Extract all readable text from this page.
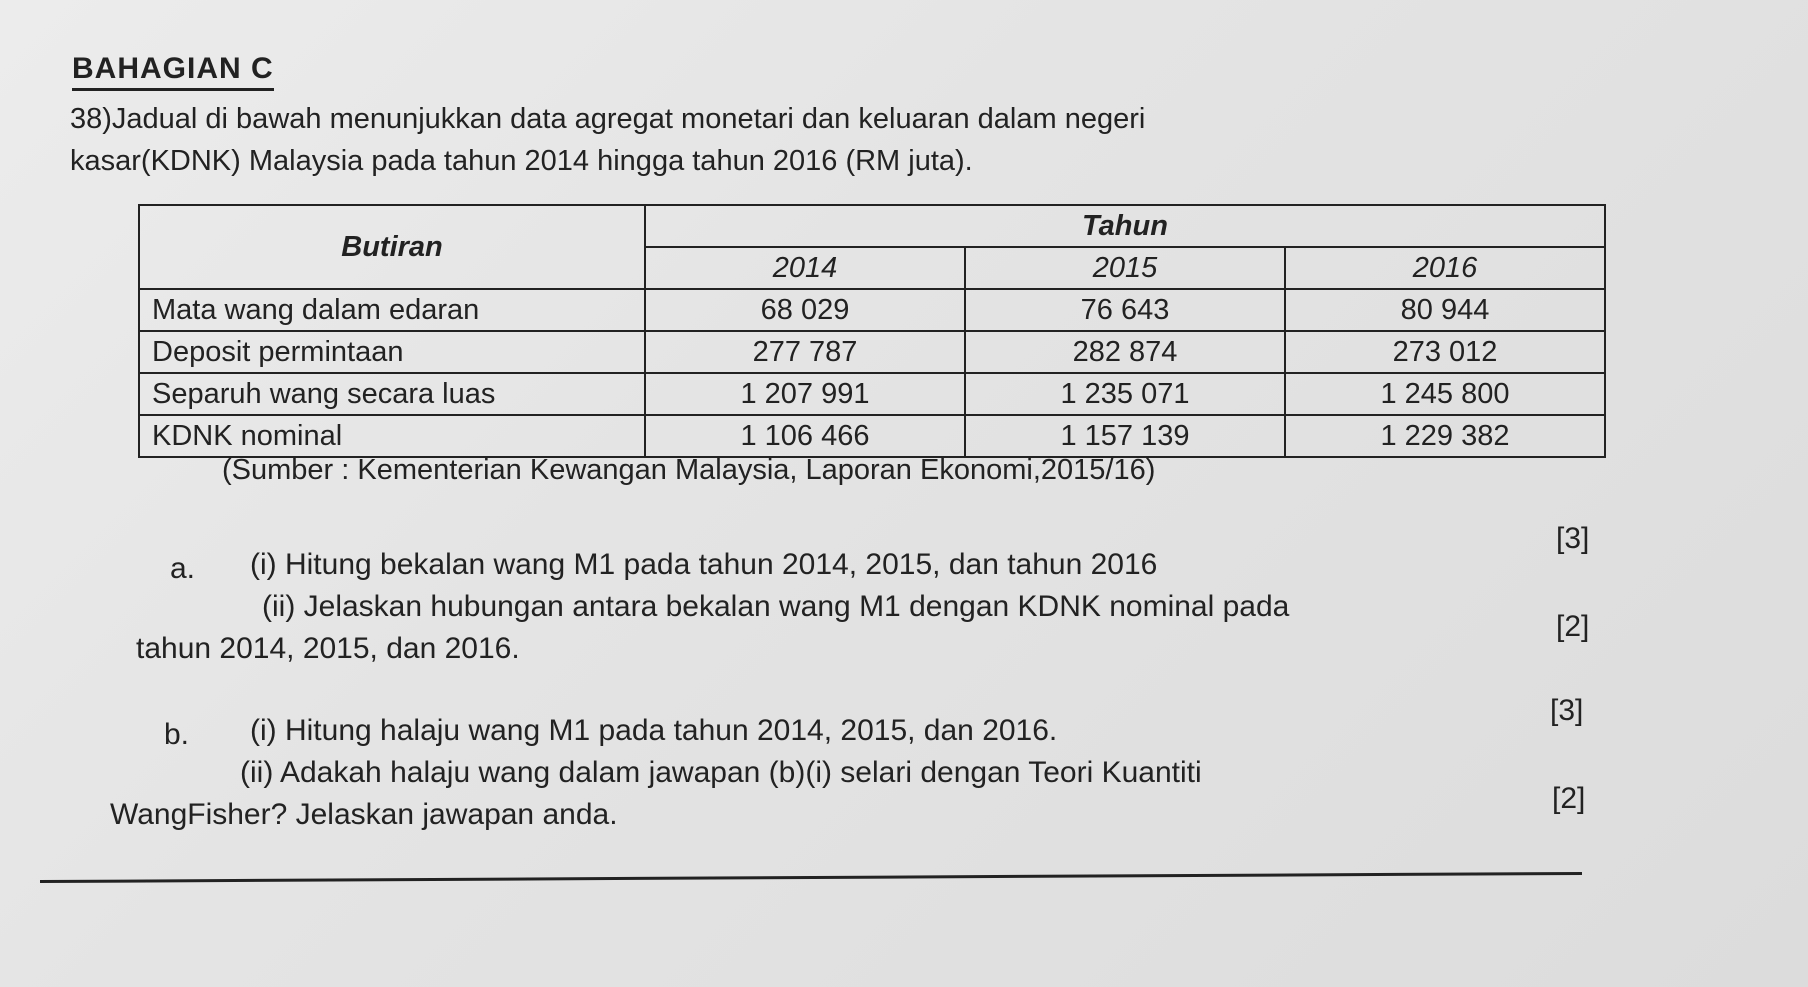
BAHAGIAN C
38)Jadual di bawah menunjukkan data agregat monetari dan keluaran dalam negeri
kasar(KDNK) Malaysia pada tahun 2014 hingga tahun 2016 (RM juta).
Butiran	Tahun		
	2014	2015	2016
Mata wang dalam edaran	68 029	76 643	80 944
Deposit permintaan	277 787	282 874	273 012
Separuh wang secara luas	1 207 991	1 235 071	1 245 800
KDNK nominal	1 106 466	1 157 139	1 229 382
(Sumber : Kementerian Kewangan Malaysia, Laporan Ekonomi,2015/16)
a. (i) Hitung bekalan wang M1 pada tahun 2014, 2015, dan tahun 2016
[3]
(ii) Jelaskan hubungan antara bekalan wang M1 dengan KDNK nominal pada
tahun 2014, 2015, dan 2016.
[2]
b. (i) Hitung halaju wang M1 pada tahun 2014, 2015, dan 2016.
[3]
(ii) Adakah halaju wang dalam jawapan (b)(i) selari dengan Teori Kuantiti
WangFisher? Jelaskan jawapan anda.	[2]
